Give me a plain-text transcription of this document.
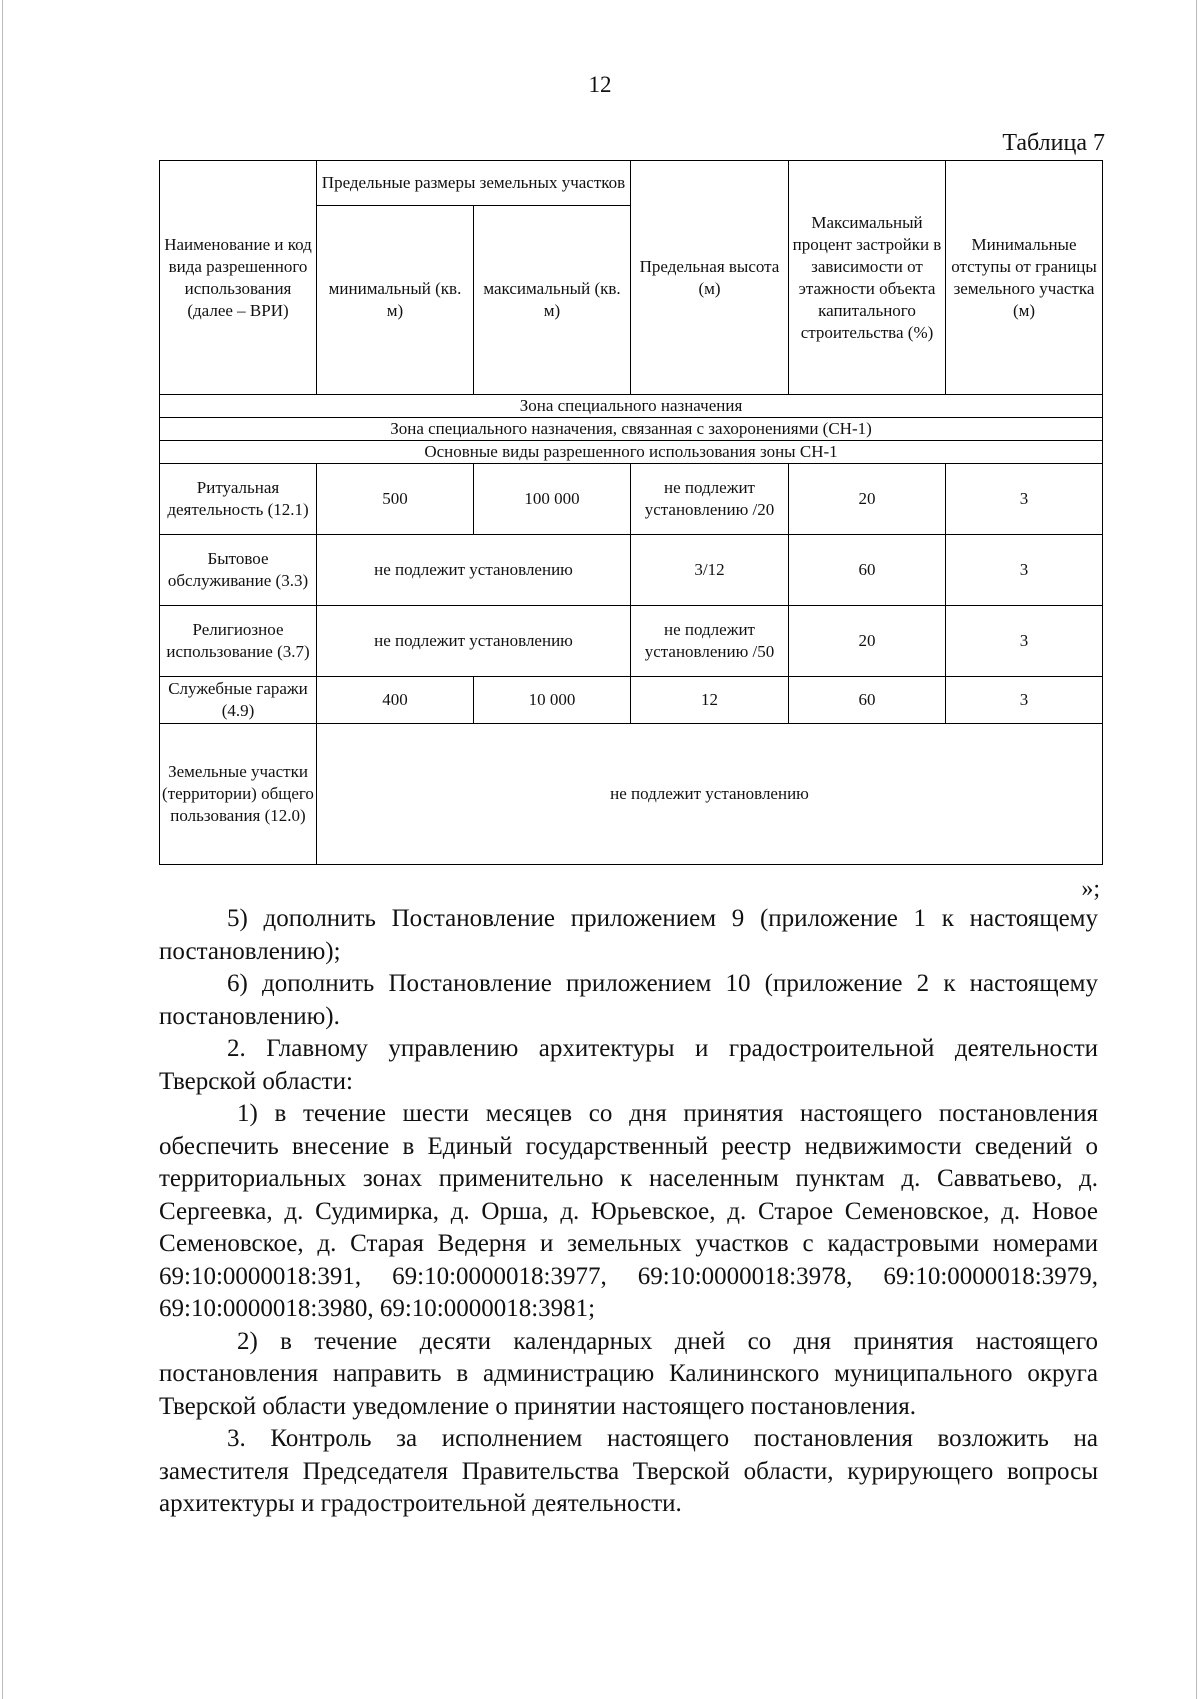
12
Таблица 7
Наименование и код вида разрешенного использования (далее – ВРИ)	Предельные размеры земельных участков		Предельная высота (м)	Максимальный процент застройки в зависимости от этажности объекта капитального строительства (%)	Минимальные отступы от границы земельного участка (м)
	минимальный (кв. м)	максимальный (кв. м)			
Зона специального назначения					
Зона специального назначения, связанная с захоронениями (СН-1)					
Основные виды разрешенного использования зоны СН-1					
Ритуальная деятельность (12.1)	500	100 000	не подлежит установлению /20	20	3
Бытовое обслуживание (3.3)	не подлежит установлению		3/12	60	3
Религиозное использование (3.7)	не подлежит установлению		не подлежит установлению /50	20	3
Служебные гаражи (4.9)	400	10 000	12	60	3
Земельные участки (территории) общего пользования (12.0)	не подлежит установлению				
»;

5) дополнить Постановление приложением 9 (приложение 1 к настоящему постановлению);

6) дополнить Постановление приложением 10 (приложение 2 к настоящему постановлению).

2. Главному управлению архитектуры и градостроительной деятельности Тверской области:

1) в течение шести месяцев со дня принятия настоящего постановления обеспечить внесение в Единый государственный реестр недвижимости сведений о территориальных зонах применительно к населенным пунктам д. Савватьево, д. Сергеевка, д. Судимирка, д. Орша, д. Юрьевское, д. Старое Семеновское, д. Новое Семеновское, д. Старая Ведерня и земельных участков с кадастровыми номерами 69:10:0000018:391, 69:10:0000018:3977, 69:10:0000018:3978, 69:10:0000018:3979, 69:10:0000018:3980, 69:10:0000018:3981;

2) в течение десяти календарных дней со дня принятия настоящего постановления направить в администрацию Калининского муниципального округа Тверской области уведомление о принятии настоящего постановления.

3. Контроль за исполнением настоящего постановления возложить на заместителя Председателя Правительства Тверской области, курирующего вопросы архитектуры и градостроительной деятельности.
